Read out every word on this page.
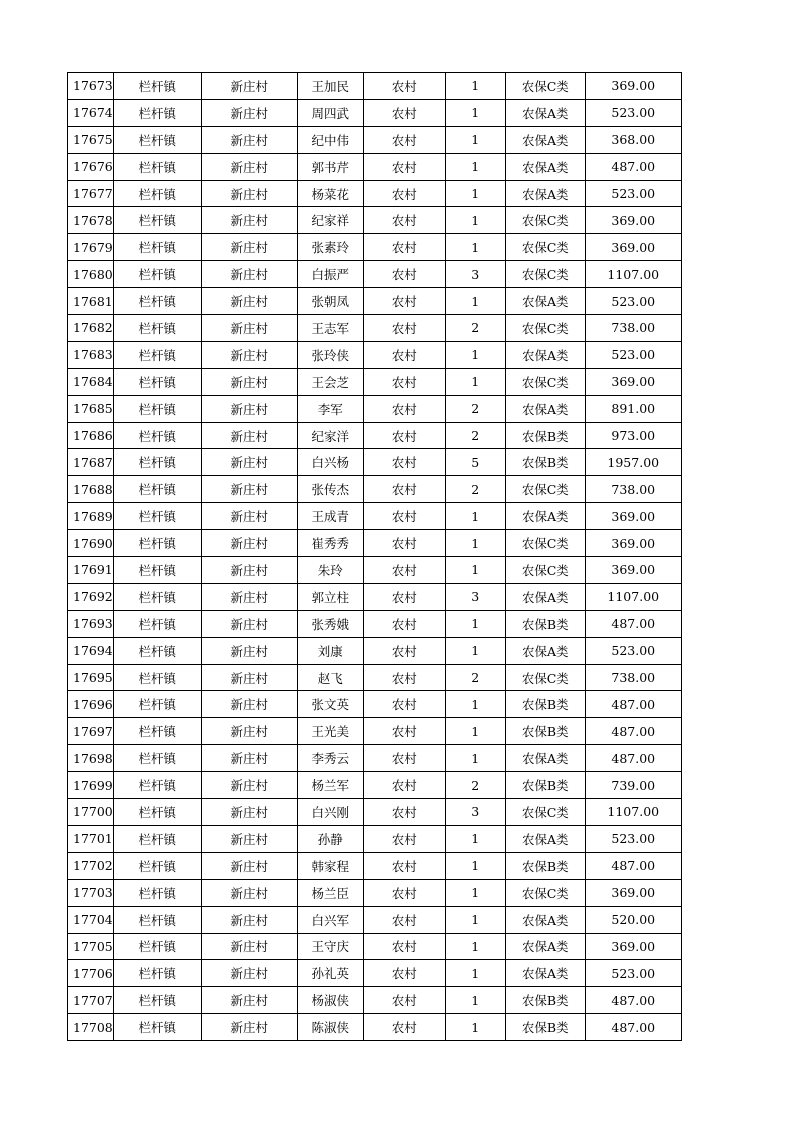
17673	栏杆镇	新庄村	王加民	农村	1	农保C类	369.00
17674	栏杆镇	新庄村	周四武	农村	1	农保A类	523.00
17675	栏杆镇	新庄村	纪中伟	农村	1	农保A类	368.00
17676	栏杆镇	新庄村	郭书芹	农村	1	农保A类	487.00
17677	栏杆镇	新庄村	杨菜花	农村	1	农保A类	523.00
17678	栏杆镇	新庄村	纪家祥	农村	1	农保C类	369.00
17679	栏杆镇	新庄村	张素玲	农村	1	农保C类	369.00
17680	栏杆镇	新庄村	白振严	农村	3	农保C类	1107.00
17681	栏杆镇	新庄村	张朝凤	农村	1	农保A类	523.00
17682	栏杆镇	新庄村	王志军	农村	2	农保C类	738.00
17683	栏杆镇	新庄村	张玲侠	农村	1	农保A类	523.00
17684	栏杆镇	新庄村	王会芝	农村	1	农保C类	369.00
17685	栏杆镇	新庄村	李军	农村	2	农保A类	891.00
17686	栏杆镇	新庄村	纪家洋	农村	2	农保B类	973.00
17687	栏杆镇	新庄村	白兴杨	农村	5	农保B类	1957.00
17688	栏杆镇	新庄村	张传杰	农村	2	农保C类	738.00
17689	栏杆镇	新庄村	王成青	农村	1	农保A类	369.00
17690	栏杆镇	新庄村	崔秀秀	农村	1	农保C类	369.00
17691	栏杆镇	新庄村	朱玲	农村	1	农保C类	369.00
17692	栏杆镇	新庄村	郭立柱	农村	3	农保A类	1107.00
17693	栏杆镇	新庄村	张秀娥	农村	1	农保B类	487.00
17694	栏杆镇	新庄村	刘康	农村	1	农保A类	523.00
17695	栏杆镇	新庄村	赵飞	农村	2	农保C类	738.00
17696	栏杆镇	新庄村	张文英	农村	1	农保B类	487.00
17697	栏杆镇	新庄村	王光美	农村	1	农保B类	487.00
17698	栏杆镇	新庄村	李秀云	农村	1	农保A类	487.00
17699	栏杆镇	新庄村	杨兰军	农村	2	农保B类	739.00
17700	栏杆镇	新庄村	白兴刚	农村	3	农保C类	1107.00
17701	栏杆镇	新庄村	孙静	农村	1	农保A类	523.00
17702	栏杆镇	新庄村	韩家程	农村	1	农保B类	487.00
17703	栏杆镇	新庄村	杨兰臣	农村	1	农保C类	369.00
17704	栏杆镇	新庄村	白兴军	农村	1	农保A类	520.00
17705	栏杆镇	新庄村	王守庆	农村	1	农保A类	369.00
17706	栏杆镇	新庄村	孙礼英	农村	1	农保A类	523.00
17707	栏杆镇	新庄村	杨淑侠	农村	1	农保B类	487.00
17708	栏杆镇	新庄村	陈淑侠	农村	1	农保B类	487.00
